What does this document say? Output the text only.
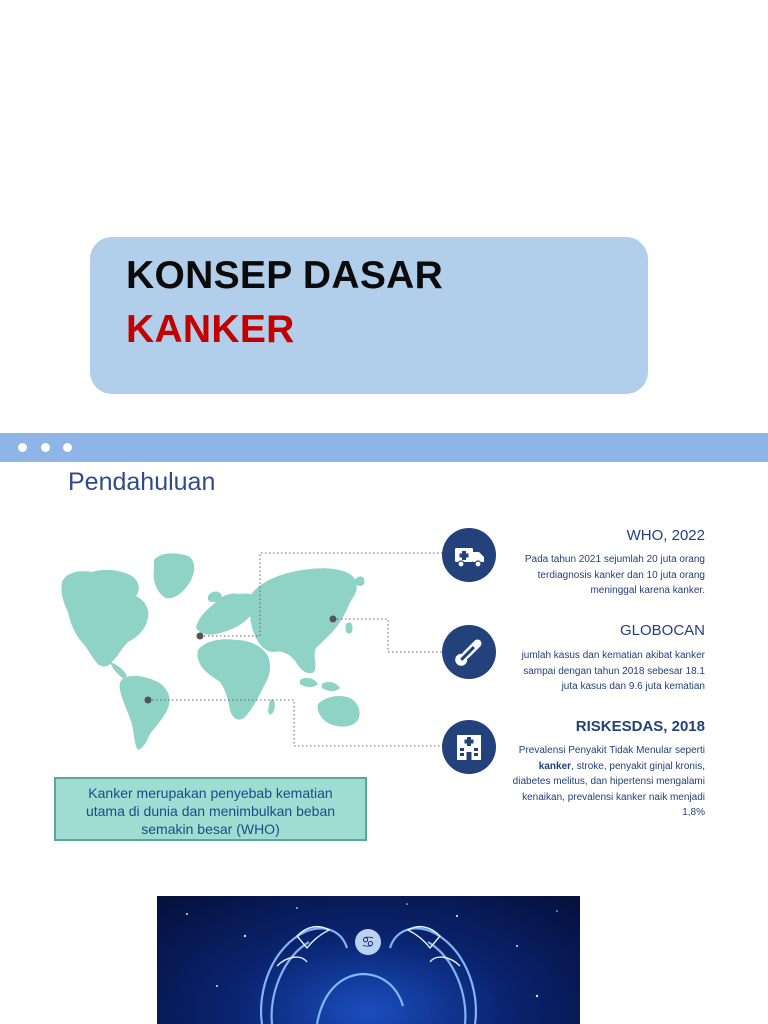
KONSEP DASAR
KANKER
Pendahuluan
WHO, 2022
Pada tahun 2021 sejumlah 20 juta orang terdiagnosis kanker dan 10 juta orang meninggal karena kanker.
GLOBOCAN
jumlah kasus dan kematian akibat kanker sampai dengan tahun 2018 sebesar 18.1 juta kasus dan 9.6 juta kematian
RISKESDAS, 2018
Prevalensi Penyakit Tidak Menular seperti kanker, stroke, penyakit ginjal kronis, diabetes melitus, dan hipertensi mengalami kenaikan, prevalensi kanker naik menjadi 1,8%
Kanker merupakan penyebab kematian
utama di dunia dan menimbulkan beban
semakin besar (WHO)
♋
